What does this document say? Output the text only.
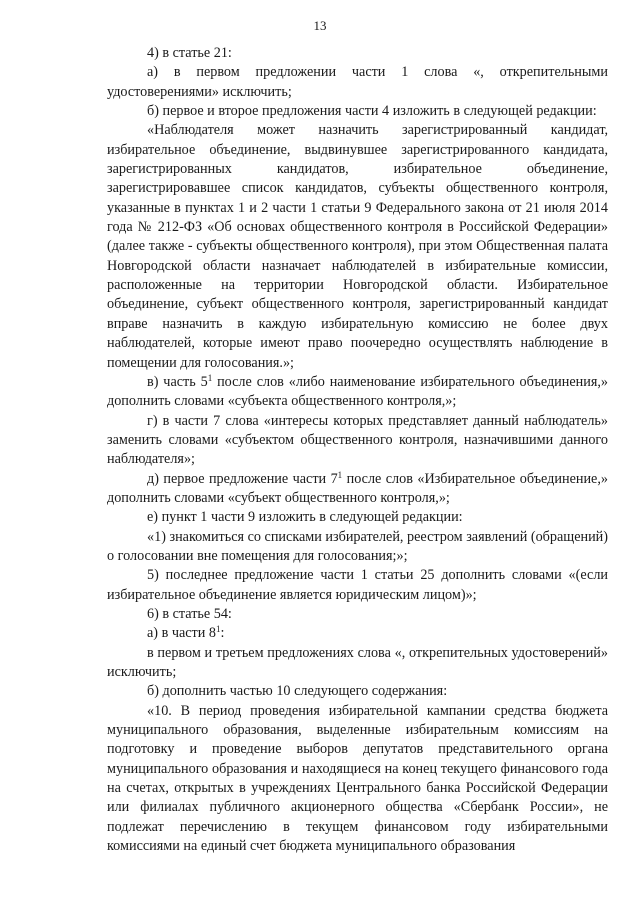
13

4) в статье 21:

а) в первом предложении части 1 слова «, открепительными удостоверениями» исключить;

б) первое и второе предложения части 4 изложить в следующей редакции:

«Наблюдателя может назначить зарегистрированный кандидат, избирательное объединение, выдвинувшее зарегистрированного кандидата, зарегистрированных кандидатов, избирательное объединение, зарегистрировавшее список кандидатов, субъекты общественного контроля, указанные в пунктах 1 и 2 части 1 статьи 9 Федерального закона от 21 июля 2014 года № 212-ФЗ «Об основах общественного контроля в Российской Федерации» (далее также - субъекты общественного контроля), при этом Общественная палата Новгородской области назначает наблюдателей в избирательные комиссии, расположенные на территории Новгородской области. Избирательное объединение, субъект общественного контроля, зарегистрированный кандидат вправе назначить в каждую избирательную комиссию не более двух наблюдателей, которые имеют право поочередно осуществлять наблюдение в помещении для голосования.»;

в) часть $5^1$ после слов «либо наименование избирательного объединения,» дополнить словами «субъекта общественного контроля,»;

г) в части 7 слова «интересы которых представляет данный наблюдатель» заменить словами «субъектом общественного контроля, назначившими данного наблюдателя»;

д) первое предложение части $7^1$ после слов «Избирательное объединение,» дополнить словами «субъект общественного контроля,»;

е) пункт 1 части 9 изложить в следующей редакции:

«1) знакомиться со списками избирателей, реестром заявлений (обращений) о голосовании вне помещения для голосования;»;

5) последнее предложение части 1 статьи 25 дополнить словами «(если избирательное объединение является юридическим лицом)»;

6) в статье 54:

а) в части $8^1$:

в первом и третьем предложениях слова «, открепительных удостоверений» исключить;

б) дополнить частью 10 следующего содержания:

«10. В период проведения избирательной кампании средства бюджета муниципального образования, выделенные избирательным комиссиям на подготовку и проведение выборов депутатов представительного органа муниципального образования и находящиеся на конец текущего финансового года на счетах, открытых в учреждениях Центрального банка Российской Федерации или филиалах публичного акционерного общества «Сбербанк России», не подлежат перечислению в текущем финансовом году избирательными комиссиями на единый счет бюджета муниципального образования
